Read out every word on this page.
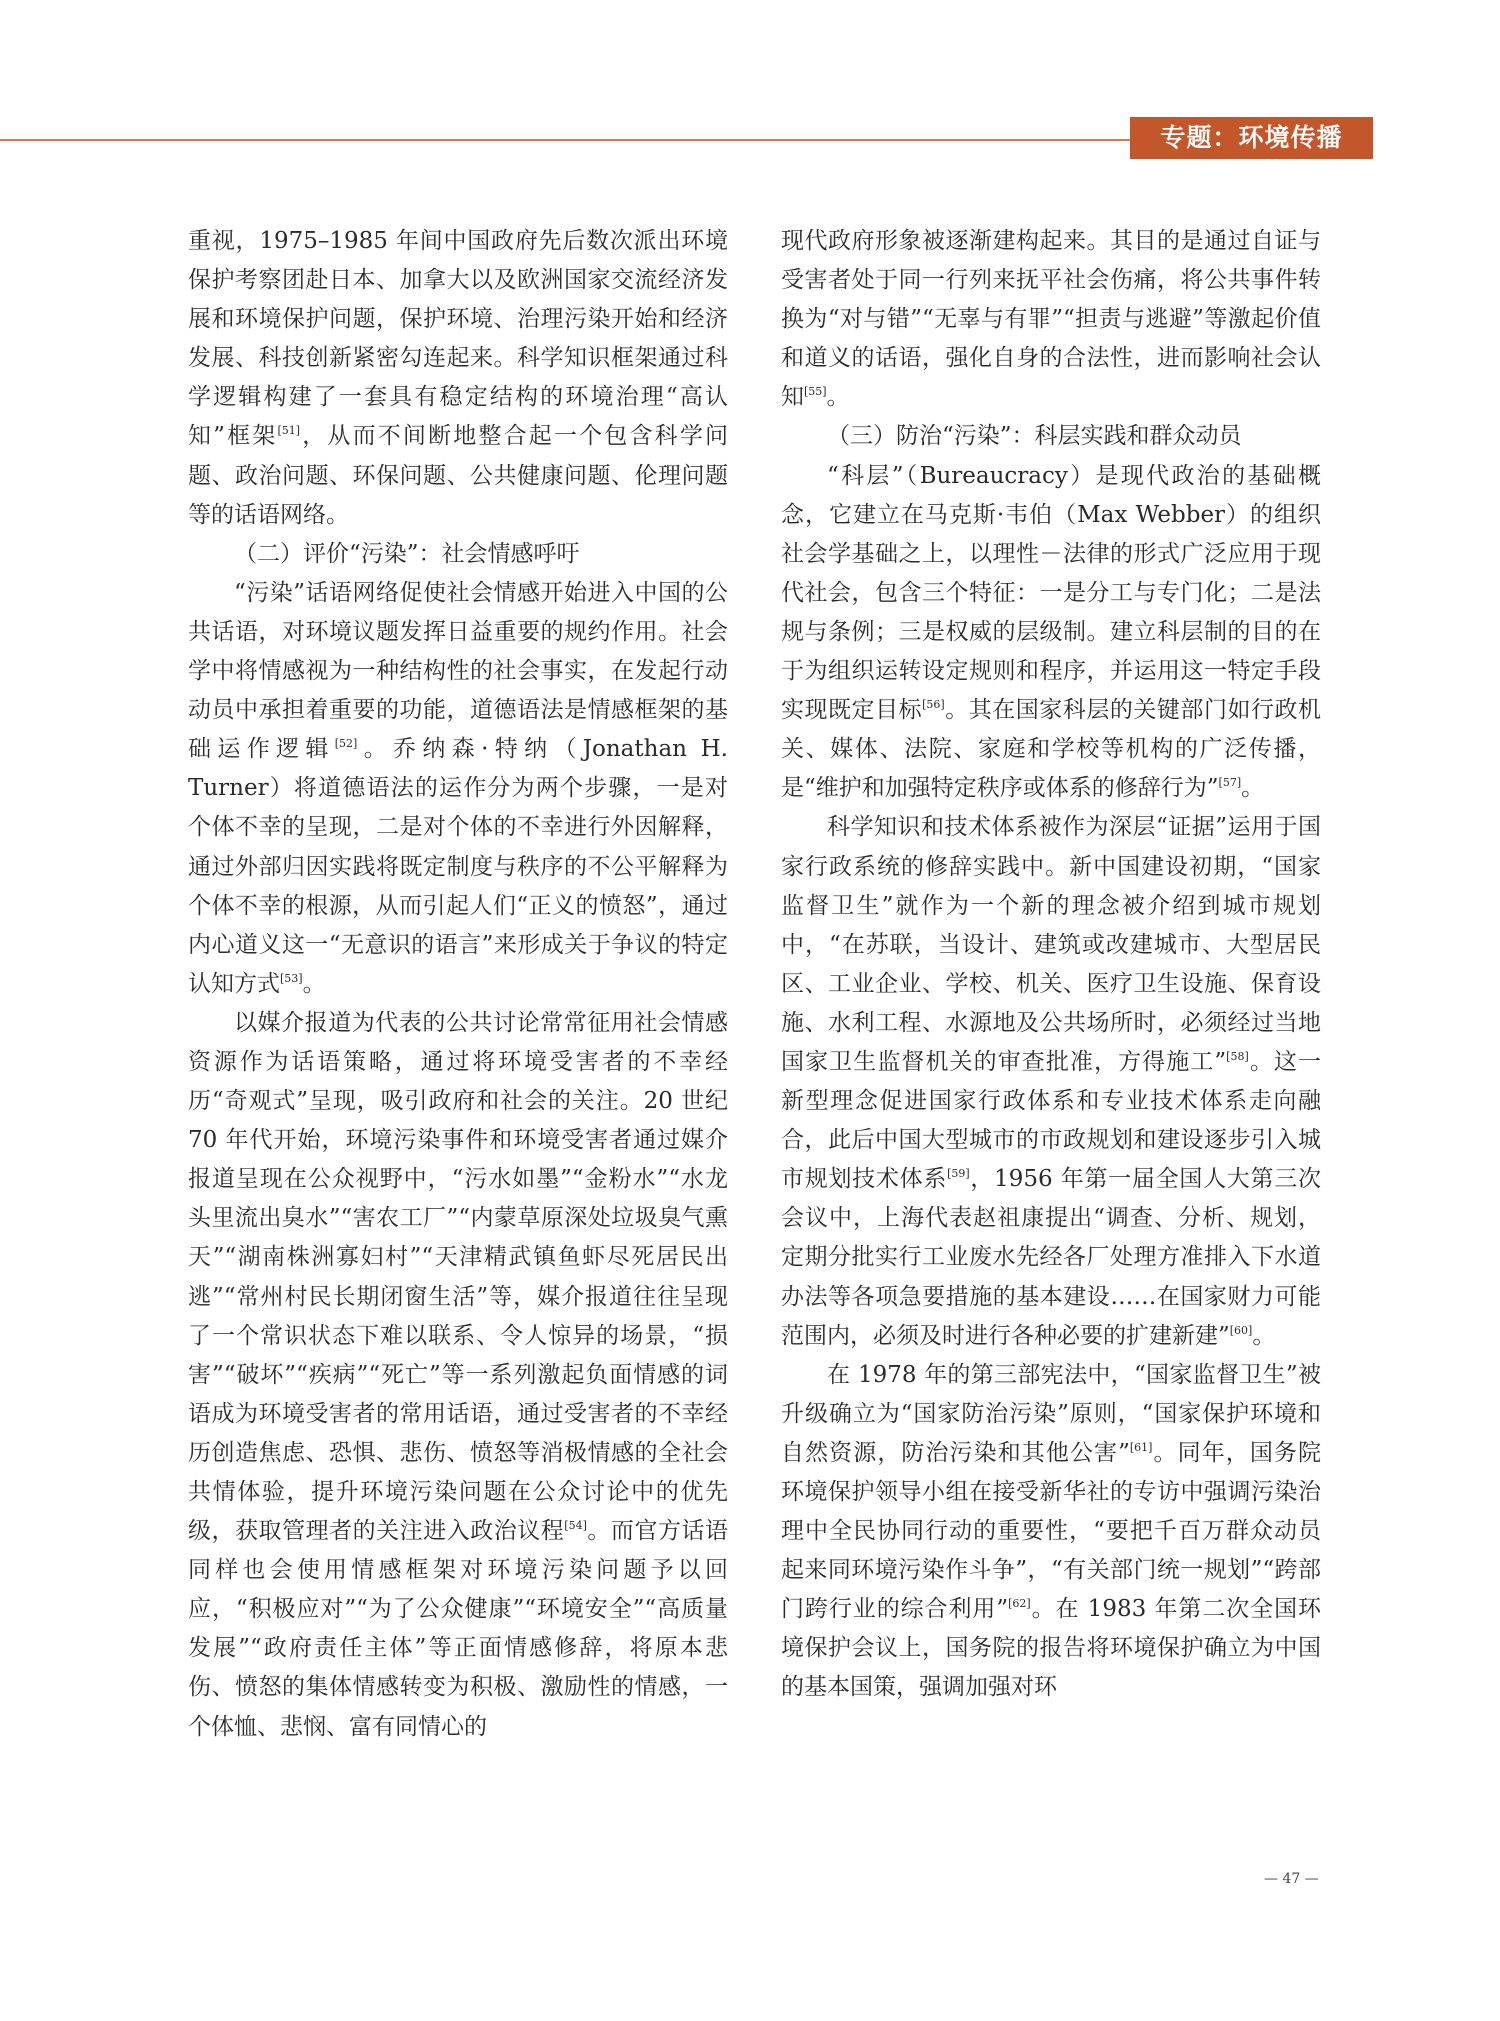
专题：环境传播

重视，1975–1985 年间中国政府先后数次派出环境保护考察团赴日本、加拿大以及欧洲国家交流经济发展和环境保护问题，保护环境、治理污染开始和经济发展、科技创新紧密勾连起来。科学知识框架通过科学逻辑构建了一套具有稳定结构的环境治理“高认知”框架[51]，从而不间断地整合起一个包含科学问题、政治问题、环保问题、公共健康问题、伦理问题等的话语网络。

（二）评价“污染”：社会情感呼吁

“污染”话语网络促使社会情感开始进入中国的公共话语，对环境议题发挥日益重要的规约作用。社会学中将情感视为一种结构性的社会事实，在发起行动动员中承担着重要的功能，道德语法是情感框架的基础运作逻辑[52]。乔纳森·特纳（Jonathan H. Turner）将道德语法的运作分为两个步骤，一是对个体不幸的呈现，二是对个体的不幸进行外因解释，通过外部归因实践将既定制度与秩序的不公平解释为个体不幸的根源，从而引起人们“正义的愤怒”，通过内心道义这一“无意识的语言”来形成关于争议的特定认知方式[53]。

以媒介报道为代表的公共讨论常常征用社会情感资源作为话语策略，通过将环境受害者的不幸经历“奇观式”呈现，吸引政府和社会的关注。20 世纪 70 年代开始，环境污染事件和环境受害者通过媒介报道呈现在公众视野中，“污水如墨”“金粉水”“水龙头里流出臭水”“害农工厂”“内蒙草原深处垃圾臭气熏天”“湖南株洲寡妇村”“天津精武镇鱼虾尽死居民出逃”“常州村民长期闭窗生活”等，媒介报道往往呈现了一个常识状态下难以联系、令人惊异的场景，“损害”“破坏”“疾病”“死亡”等一系列激起负面情感的词语成为环境受害者的常用话语，通过受害者的不幸经历创造焦虑、恐惧、悲伤、愤怒等消极情感的全社会共情体验，提升环境污染问题在公众讨论中的优先级，获取管理者的关注进入政治议程[54]。而官方话语同样也会使用情感框架对环境污染问题予以回应，“积极应对”“为了公众健康”“环境安全”“高质量发展”“政府责任主体”等正面情感修辞，将原本悲伤、愤怒的集体情感转变为积极、激励性的情感，一个体恤、悲悯、富有同情心的

现代政府形象被逐渐建构起来。其目的是通过自证与受害者处于同一行列来抚平社会伤痛，将公共事件转换为“对与错”“无辜与有罪”“担责与逃避”等激起价值和道义的话语，强化自身的合法性，进而影响社会认知[55]。

（三）防治“污染”：科层实践和群众动员

“科层”（Bureaucracy）是现代政治的基础概念，它建立在马克斯·韦伯（Max Webber）的组织社会学基础之上，以理性－法律的形式广泛应用于现代社会，包含三个特征：一是分工与专门化；二是法规与条例；三是权威的层级制。建立科层制的目的在于为组织运转设定规则和程序，并运用这一特定手段实现既定目标[56]。其在国家科层的关键部门如行政机关、媒体、法院、家庭和学校等机构的广泛传播，是“维护和加强特定秩序或体系的修辞行为”[57]。

科学知识和技术体系被作为深层“证据”运用于国家行政系统的修辞实践中。新中国建设初期，“国家监督卫生”就作为一个新的理念被介绍到城市规划中，“在苏联，当设计、建筑或改建城市、大型居民区、工业企业、学校、机关、医疗卫生设施、保育设施、水利工程、水源地及公共场所时，必须经过当地国家卫生监督机关的审查批准，方得施工”[58]。这一新型理念促进国家行政体系和专业技术体系走向融合，此后中国大型城市的市政规划和建设逐步引入城市规划技术体系[59]，1956 年第一届全国人大第三次会议中，上海代表赵祖康提出“调查、分析、规划，定期分批实行工业废水先经各厂处理方准排入下水道办法等各项急要措施的基本建设……在国家财力可能范围内，必须及时进行各种必要的扩建新建”[60]。

在 1978 年的第三部宪法中，“国家监督卫生”被升级确立为“国家防治污染”原则，“国家保护环境和自然资源，防治污染和其他公害”[61]。同年，国务院环境保护领导小组在接受新华社的专访中强调污染治理中全民协同行动的重要性，“要把千百万群众动员起来同环境污染作斗争”，“有关部门统一规划”“跨部门跨行业的综合利用”[62]。在 1983 年第二次全国环境保护会议上，国务院的报告将环境保护确立为中国的基本国策，强调加强对环

— 47 —
